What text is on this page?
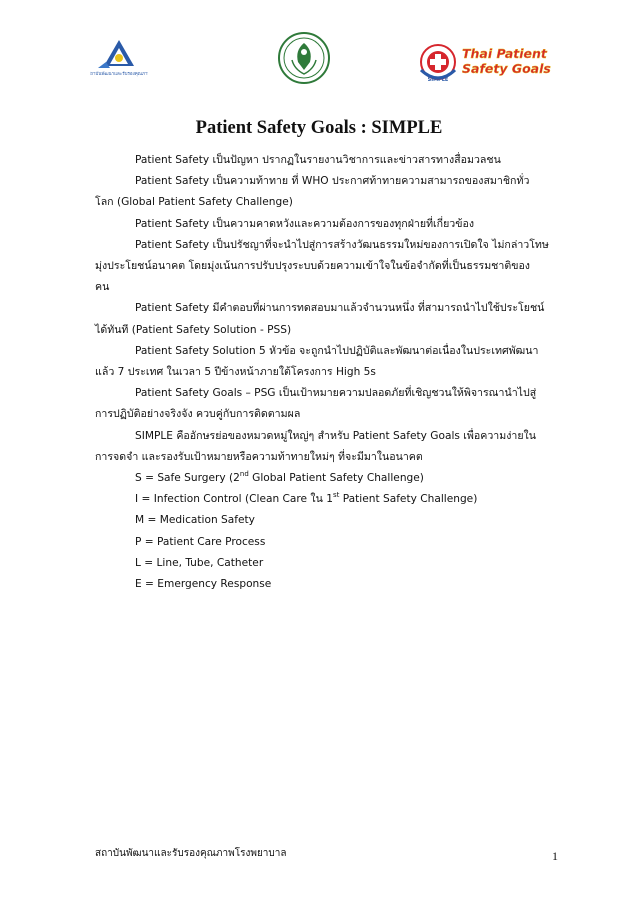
สถาบันพัฒนาและรับรองคุณภาพ
SIMPLE
Thai Patient
Safety Goals
Patient Safety Goals : SIMPLE
Patient Safety เป็นปัญหา ปรากฏในรายงานวิชาการและข่าวสารทางสื่อมวลชน
Patient Safety เป็นความท้าทาย ที่ WHO ประกาศท้าทายความสามารถของสมาชิกทั่ว
โลก (Global Patient Safety Challenge)
Patient Safety เป็นความคาดหวังและความต้องการของทุกฝ่ายที่เกี่ยวข้อง
Patient Safety เป็นปรัชญาที่จะนำไปสู่การสร้างวัฒนธรรมใหม่ของการเปิดใจ ไม่กล่าวโทษ
มุ่งประโยชน์อนาคต โดยมุ่งเน้นการปรับปรุงระบบด้วยความเข้าใจในข้อจำกัดที่เป็นธรรมชาติของ
คน
Patient Safety มีคำตอบที่ผ่านการทดสอบมาแล้วจำนวนหนึ่ง ที่สามารถนำไปใช้ประโยชน์
ได้ทันที (Patient Safety Solution - PSS)
Patient Safety Solution 5 หัวข้อ จะถูกนำไปปฏิบัติและพัฒนาต่อเนื่องในประเทศพัฒนา
แล้ว 7 ประเทศ ในเวลา 5 ปีข้างหน้าภายใต้โครงการ High 5s
Patient Safety Goals – PSG เป็นเป้าหมายความปลอดภัยที่เชิญชวนให้พิจารณานำไปสู่
การปฏิบัติอย่างจริงจัง ควบคู่กับการติดตามผล
SIMPLE คืออักษรย่อของหมวดหมู่ใหญ่ๆ สำหรับ Patient Safety Goals เพื่อความง่ายใน
การจดจำ และรองรับเป้าหมายหรือความท้าทายใหม่ๆ ที่จะมีมาในอนาคต
S = Safe Surgery (2nd Global Patient Safety Challenge)
I = Infection Control (Clean Care ใน 1st Patient Safety Challenge)
M = Medication Safety
P = Patient Care Process
L = Line, Tube, Catheter
E = Emergency Response
สถาบันพัฒนาและรับรองคุณภาพโรงพยาบาล	1
